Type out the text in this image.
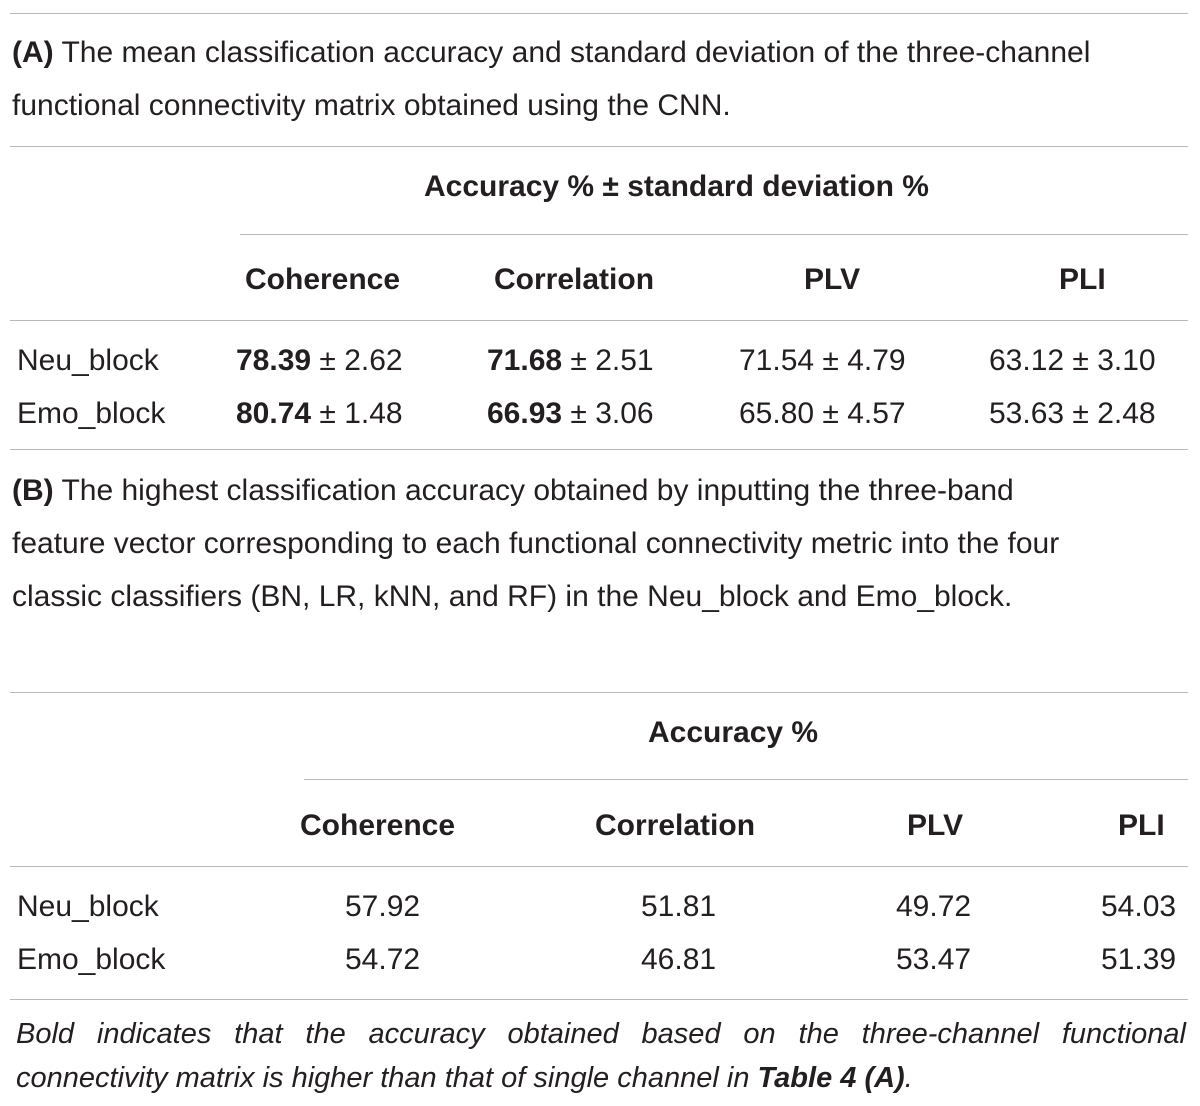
(A) The mean classification accuracy and standard deviation of the three-channel functional connectivity matrix obtained using the CNN.

Accuracy % ± standard deviation %
Coherence	Correlation	PLV	PLI
Neu_block	78.39 ± 2.62	71.68 ± 2.51	71.54 ± 4.79	63.12 ± 3.10
Emo_block 80.74 ± 1.48	66.93 ± 3.06	65.80 ± 4.57	53.63 ± 2.48

(B) The highest classification accuracy obtained by inputting the three-band feature vector corresponding to each functional connectivity metric into the four classic classifiers (BN, LR, kNN, and RF) in the Neu_block and Emo_block.

Accuracy %
Coherence	Correlation	PLV	PLI
Neu_block	57.92	51.81	49.72	54.03
Emo_block	54.72	46.81	53.47	51.39

Bold indicates that the accuracy obtained based on the three-channel functional connectivity matrix is higher than that of single channel in Table 4 (A).
